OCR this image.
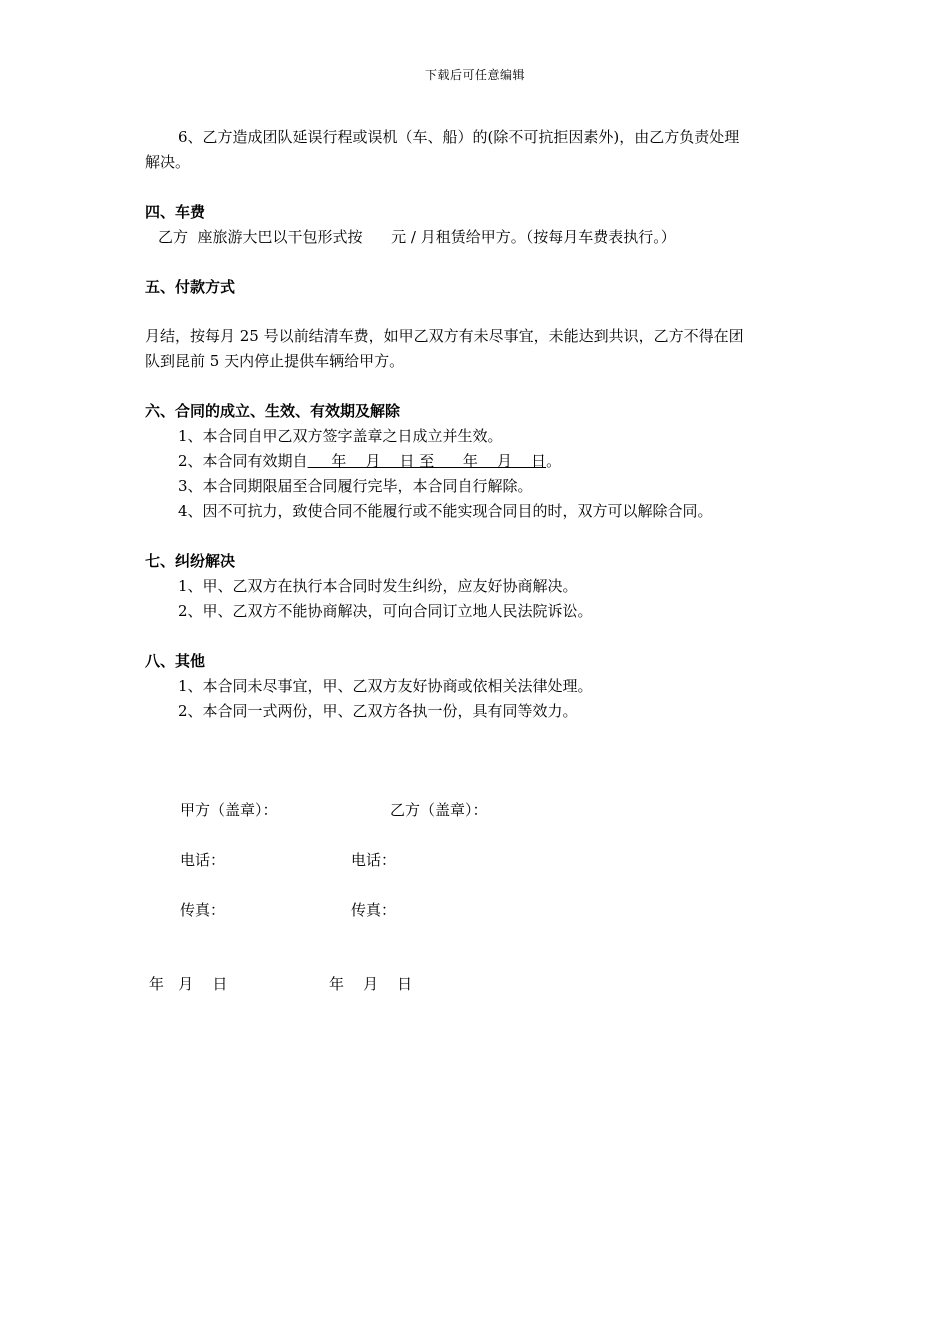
下载后可任意编辑
6、乙方造成团队延误行程或误机（车、船）的(除不可抗拒因素外)，由乙方负责处理
解决。
四、车费
乙方  座旅游大巴以干包形式按      元 / 月租赁给甲方。（按每月车费表执行。）
五、付款方式
月结，按每月 25 号以前结清车费，如甲乙双方有未尽事宜，未能达到共识，乙方不得在团
队到昆前 5 天内停止提供车辆给甲方。
六、合同的成立、生效、有效期及解除
1、本合同自甲乙双方签字盖章之日成立并生效。
2、本合同有效期自     年    月    日 至      年    月    日。
3、本合同期限届至合同履行完毕，本合同自行解除。
4、因不可抗力，致使合同不能履行或不能实现合同目的时，双方可以解除合同。
七、纠纷解决
1、甲、乙双方在执行本合同时发生纠纷，应友好协商解决。
2、甲、乙双方不能协商解决，可向合同订立地人民法院诉讼。
八、其他
1、本合同未尽事宜，甲、乙双方友好协商或依相关法律处理。
2、本合同一式两份，甲、乙双方各执一份，具有同等效力。
甲方（盖章）：	乙方（盖章）：
电话：	电话：
传真：	传真：
年   月    日	年    月    日
